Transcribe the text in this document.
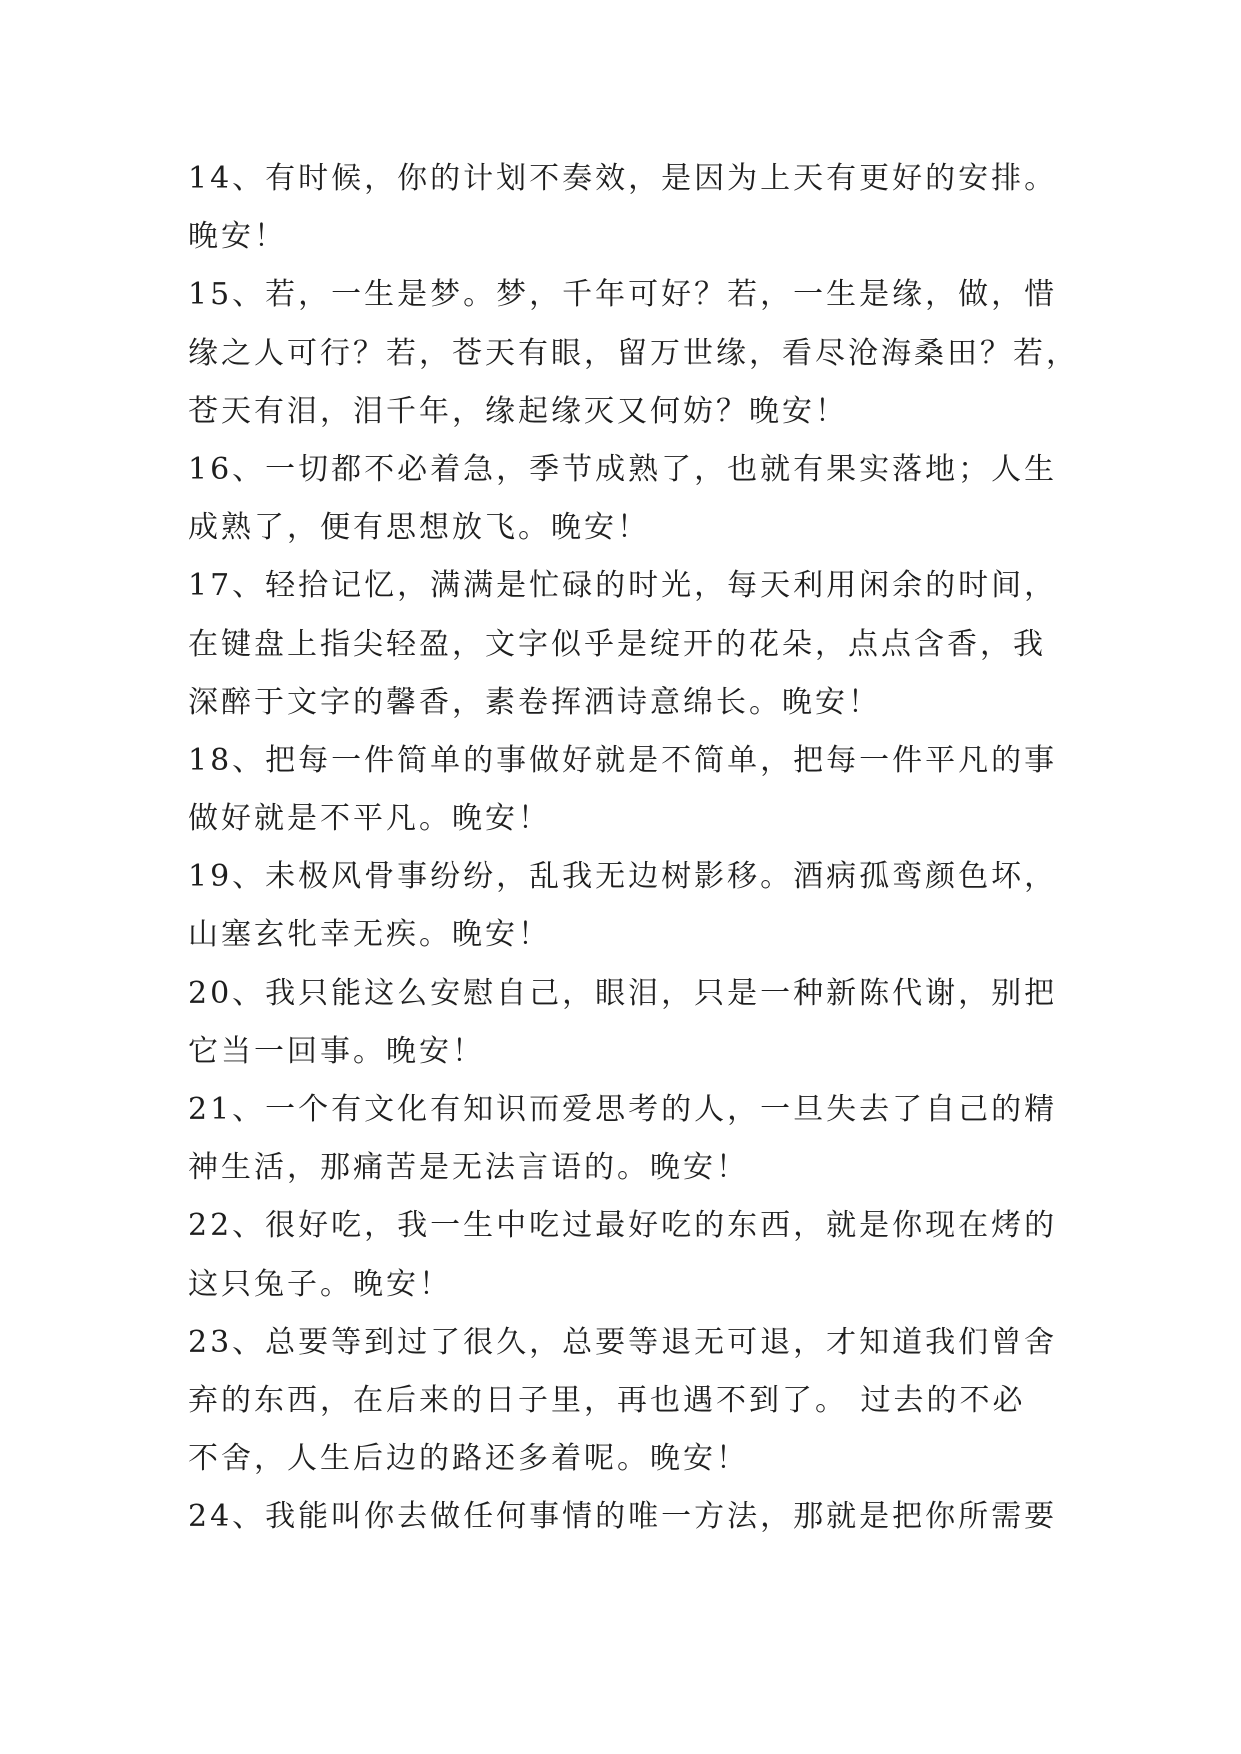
14、有时候，你的计划不奏效，是因为上天有更好的安排。
晚安！
15、若，一生是梦。梦，千年可好？若，一生是缘，做，惜
缘之人可行？若，苍天有眼，留万世缘，看尽沧海桑田？若，
苍天有泪，泪千年，缘起缘灭又何妨？晚安！
16、一切都不必着急，季节成熟了，也就有果实落地；人生
成熟了，便有思想放飞。晚安！
17、轻拾记忆，满满是忙碌的时光，每天利用闲余的时间，
在键盘上指尖轻盈，文字似乎是绽开的花朵，点点含香，我
深醉于文字的馨香，素卷挥洒诗意绵长。晚安！
18、把每一件简单的事做好就是不简单，把每一件平凡的事
做好就是不平凡。晚安！
19、未极风骨事纷纷，乱我无边树影移。酒病孤鸾颜色坏，
山塞玄牝幸无疾。晚安！
20、我只能这么安慰自己，眼泪，只是一种新陈代谢，别把
它当一回事。晚安！
21、一个有文化有知识而爱思考的人，一旦失去了自己的精
神生活，那痛苦是无法言语的。晚安！
22、很好吃，我一生中吃过最好吃的东西，就是你现在烤的
这只兔子。晚安！
23、总要等到过了很久，总要等退无可退，才知道我们曾舍
弃的东西，在后来的日子里，再也遇不到了。 过去的不必
不舍，人生后边的路还多着呢。晚安！
24、我能叫你去做任何事情的唯一方法，那就是把你所需要
